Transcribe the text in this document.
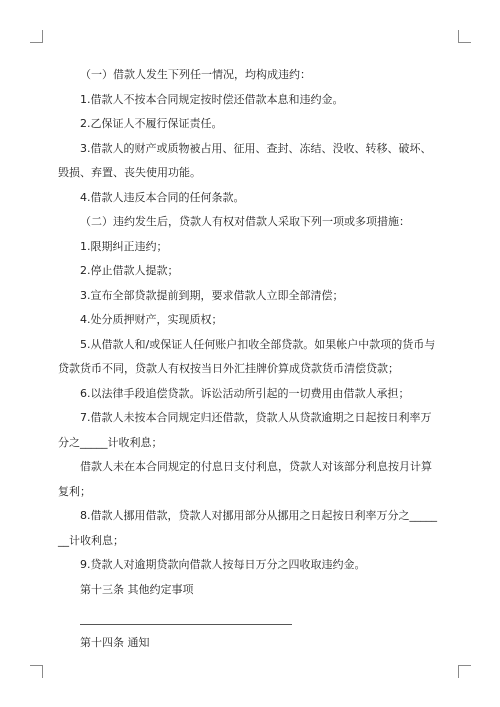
（一）借款人发生下列任一情况，均构成违约：

1.借款人不按本合同规定按时偿还借款本息和违约金。

2.乙保证人不履行保证责任。

3.借款人的财产或质物被占用、征用、查封、冻结、没收、转移、破坏、毁损、弃置、丧失使用功能。

4.借款人违反本合同的任何条款。

（二）违约发生后，贷款人有权对借款人采取下列一项或多项措施：

1.限期纠正违约；

2.停止借款人提款；

3.宣布全部贷款提前到期，要求借款人立即全部清偿；

4.处分质押财产，实现质权；

5.从借款人和/或保证人任何账户扣收全部贷款。如果帐户中款项的货币与贷款货币不同，贷款人有权按当日外汇挂牌价算成贷款货币清偿贷款；

6.以法律手段追偿贷款。诉讼活动所引起的一切费用由借款人承担；

7.借款人未按本合同规定归还借款，贷款人从贷款逾期之日起按日利率万分之_____计收利息；

借款人未在本合同规定的付息日支付利息，贷款人对该部分利息按月计算复利；

8.借款人挪用借款，贷款人对挪用部分从挪用之日起按日利率万分之_______计收利息；

9.贷款人对逾期贷款向借款人按每日万分之四收取违约金。

第十三条 其他约定事项

第十四条 通知
